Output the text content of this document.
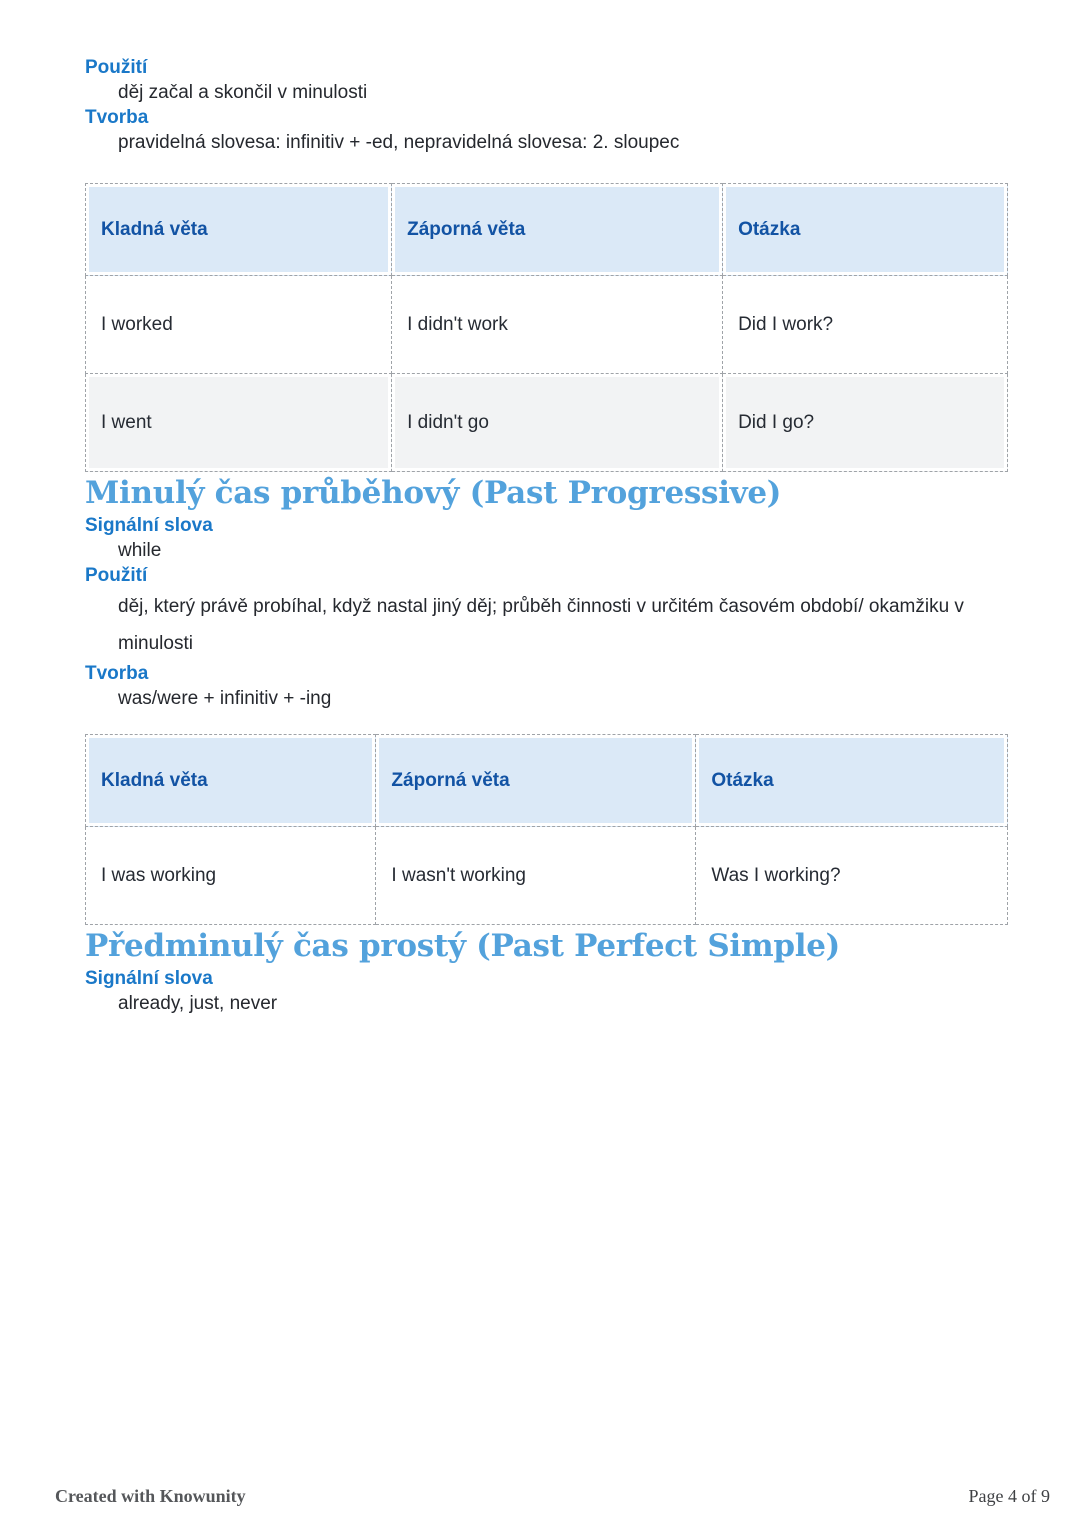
Použití

děj začal a skončil v minulosti

Tvorba

pravidelná slovesa: infinitiv + -ed, nepravidelná slovesa: 2. sloupec

Kladná věta	Záporná věta	Otázka
I worked	I didn't work	Did I work?
I went	I didn't go	Did I go?
Minulý čas průběhový (Past Progressive)
Signální slova

while

Použití

děj, který právě probíhal, když nastal jiný děj; průběh činnosti v určitém časovém období/ okamžiku v minulosti

Tvorba

was/were + infinitiv + -ing

Kladná věta	Záporná věta	Otázka
I was working	I wasn't working	Was I working?
Předminulý čas prostý (Past Perfect Simple)
Signální slova

already, just, never

Created with Knowunity	Page 4 of 9
